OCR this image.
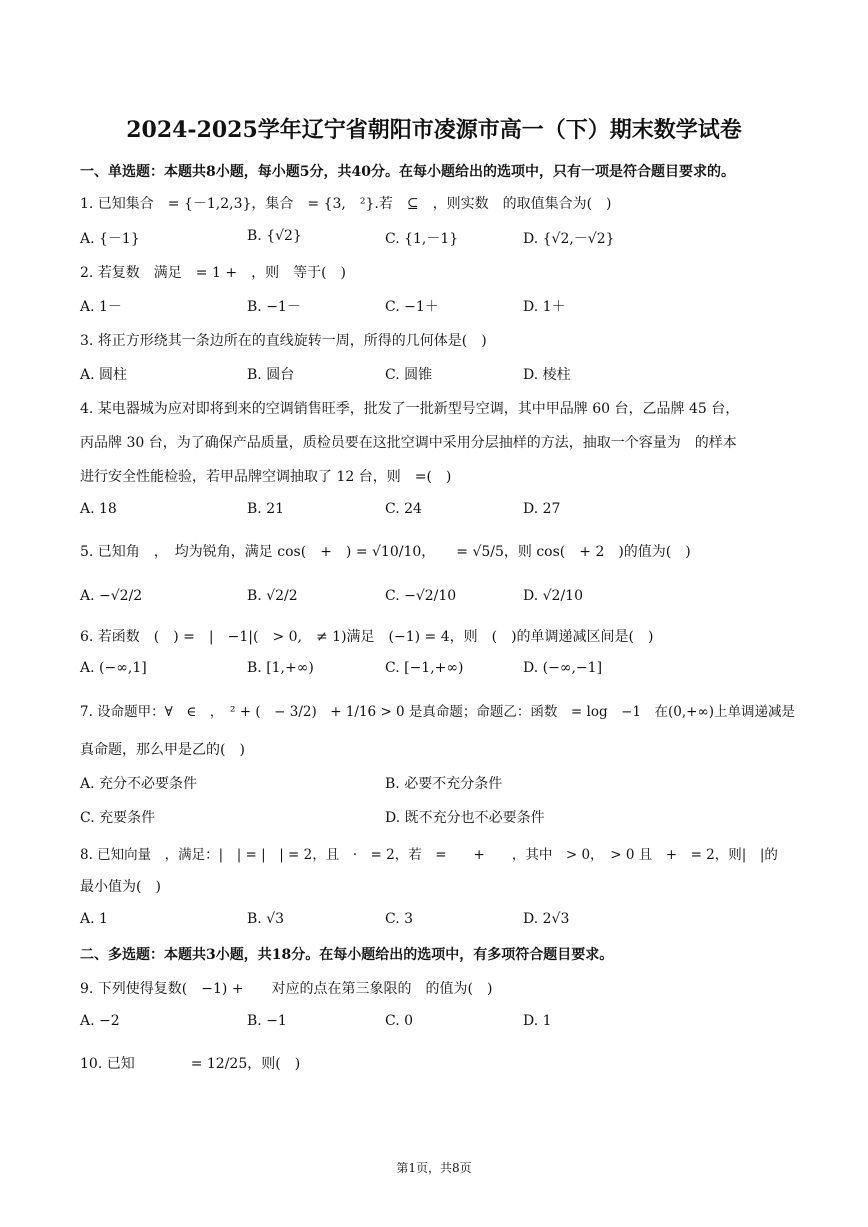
2024-2025学年辽宁省朝阳市凌源市高一（下）期末数学试卷
一、单选题：本题共8小题，每小题5分，共40分。在每小题给出的选项中，只有一项是符合题目要求的。
1. 已知集合　= {－1,2,3}，集合　= {3,　²}.若　⊆　，则实数　的取值集合为(　)
A. {－1}	B. {√2}	C. {1,－1}	D. {√2,－√2}
2. 若复数　满足　= 1 +　，则　等于(　)
A. 1－	B. −1－	C. −1＋	D. 1＋
3. 将正方形绕其一条边所在的直线旋转一周，所得的几何体是(　)
A. 圆柱	B. 圆台	C. 圆锥	D. 棱柱
4. 某电器城为应对即将到来的空调销售旺季，批发了一批新型号空调，其中甲品牌 60 台，乙品牌 45 台，
丙品牌 30 台，为了确保产品质量，质检员要在这批空调中采用分层抽样的方法，抽取一个容量为　的样本
进行安全性能检验，若甲品牌空调抽取了 12 台，则　=(　)
A. 18	B. 21	C. 24	D. 27
5. 已知角　，　均为锐角，满足 cos(　+　) = √10/10，　　= √5/5，则 cos(　+ 2　)的值为(　)
A. −√2/2	B. √2/2	C. −√2/10	D. √2/10
6. 若函数　(　) =　|　−1|(　> 0,　≠ 1)满足　(−1) = 4，则　(　)的单调递减区间是(　)
A. (−∞,1]	B. [1,+∞)	C. [−1,+∞)	D. (−∞,−1]
7. 设命题甲：∀　∈　，　² + (　− 3/2)　+ 1/16 > 0 是真命题；命题乙：函数　= log　−1　在(0,+∞)上单调递减是
真命题，那么甲是乙的(　)
A. 充分不必要条件	B. 必要不充分条件
C. 充要条件	D. 既不充分也不必要条件
8. 已知向量　，满足：|　| = |　| = 2，且　·　= 2，若　=　　+　　，其中　> 0，　> 0 且　+　= 2，则|　|的
最小值为(　)
A. 1	B. √3	C. 3	D. 2√3
二、多选题：本题共3小题，共18分。在每小题给出的选项中，有多项符合题目要求。
9. 下列使得复数(　−1) +　　对应的点在第三象限的　的值为(　)
A. −2	B. −1	C. 0	D. 1
10. 已知　　　　= 12/25，则(　)
第1页，共8页
